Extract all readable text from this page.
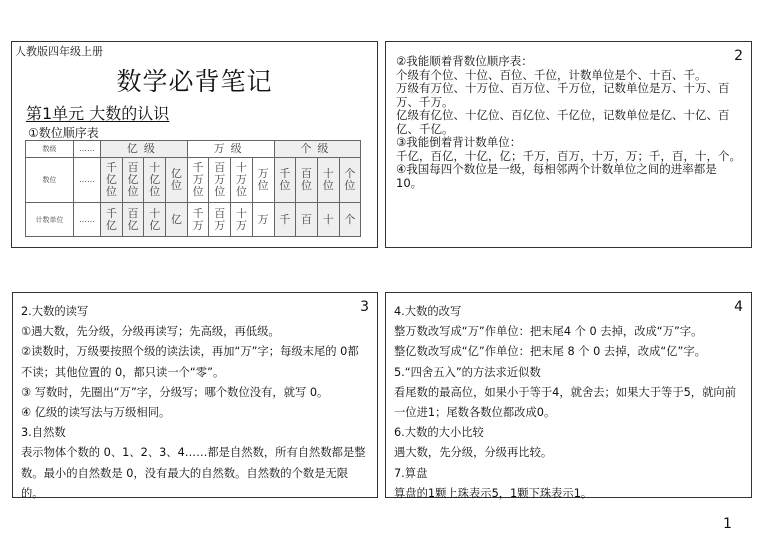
人教版四年级上册
数学必背笔记
第1单元 大数的认识
①数位顺序表
数级	……	亿级				万级				个级			
数位	……	千亿位	百亿位	十亿位	亿位	千万位	百万位	十万位	万位	千位	百位	十位	个位
计数单位	……	千亿	百亿	十亿	亿	千万	百万	十万	万	千	百	十	个
2
②我能顺着背数位顺序表：
个级有个位、十位、百位、千位，计数单位是个、十百、千。
万级有万位、十万位、百万位、千万位，记数单位是万、十万、百万、千万。
亿级有亿位、十亿位、百亿位、千亿位，记数单位是亿、十亿、百亿、千亿。
③我能倒着背计数单位：
千亿，百亿，十亿，亿；千万，百万，十万，万；千，百，十，个。
④我国每四个数位是一级，每相邻两个计数单位之间的进率都是10。
3
2.大数的读写
①遇大数，先分级，分级再读写；先高级，再低级。
②读数时，万级要按照个级的读法读，再加“万”字；每级末尾的 0都不读；其他位置的 0，都只读一个“零”。
③ 写数时，先圈出“万”字，分级写；哪个数位没有，就写 0。
④ 亿级的读写法与万级相同。
3.自然数
表示物体个数的 0、1、2、3、4……都是自然数，所有自然数都是整数。最小的自然数是 0，没有最大的自然数。自然数的个数是无限的。
4
4.大数的改写
整万数改写成“万”作单位：把末尾4 个 0 去掉，改成“万”字。
整亿数改写成“亿”作单位：把末尾 8 个 0 去掉，改成“亿”字。
5.“四舍五入”的方法求近似数
看尾数的最高位，如果小于等于4，就舍去；如果大于等于5，就向前一位进1；尾数各数位都改成0。
6.大数的大小比较
遇大数，先分级，分级再比较。
7.算盘
算盘的1颗上珠表示5，1颗下珠表示1。
1
